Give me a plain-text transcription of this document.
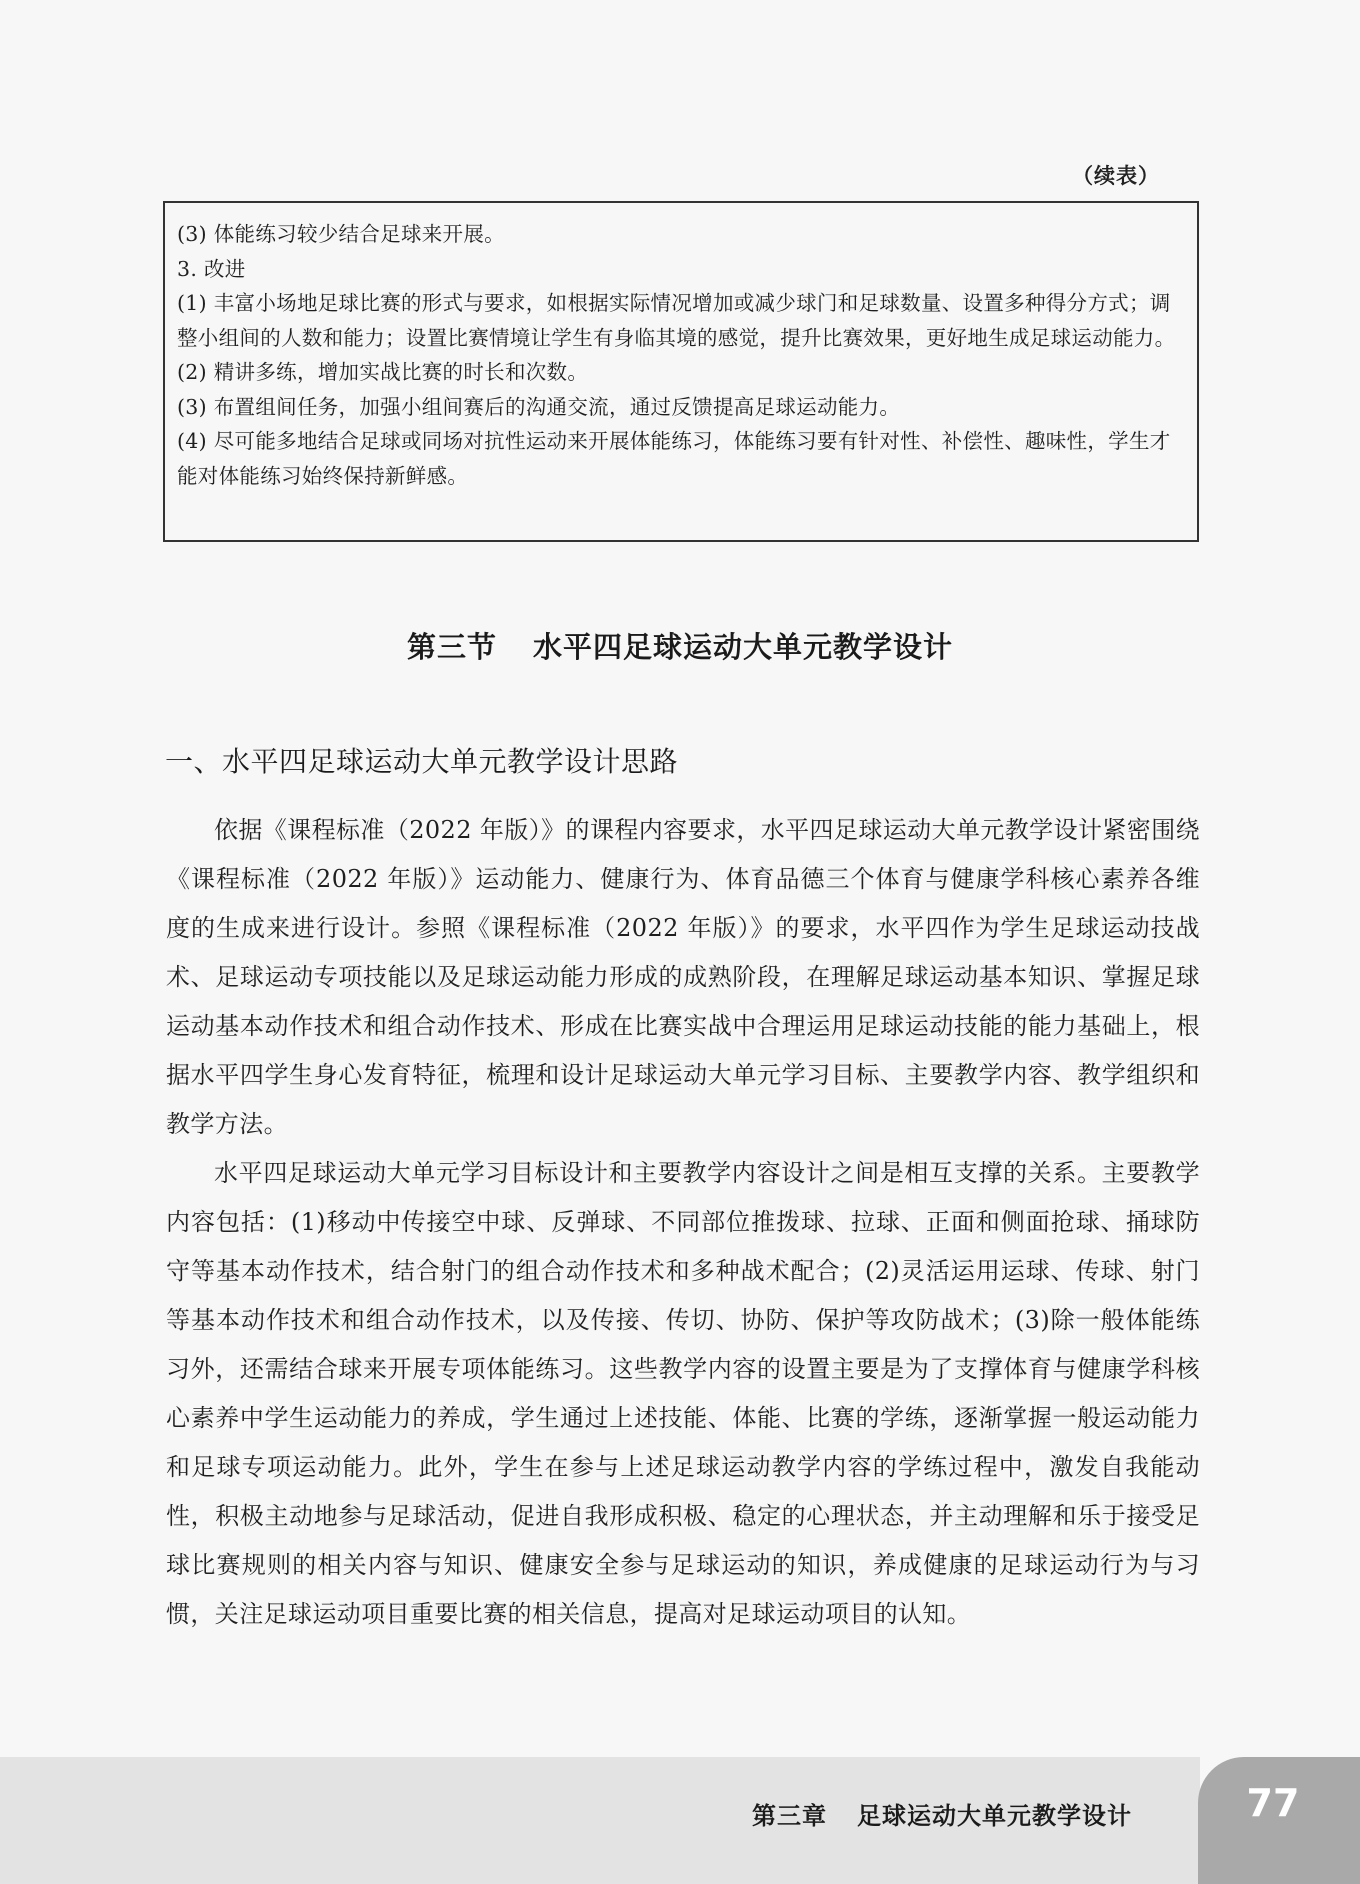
（续表）

(3) 体能练习较少结合足球来开展。

3. 改进

(1) 丰富小场地足球比赛的形式与要求，如根据实际情况增加或减少球门和足球数量、设置多种得分方式；调整小组间的人数和能力；设置比赛情境让学生有身临其境的感觉，提升比赛效果，更好地生成足球运动能力。

(2) 精讲多练，增加实战比赛的时长和次数。

(3) 布置组间任务，加强小组间赛后的沟通交流，通过反馈提高足球运动能力。

(4) 尽可能多地结合足球或同场对抗性运动来开展体能练习，体能练习要有针对性、补偿性、趣味性，学生才能对体能练习始终保持新鲜感。

第三节 水平四足球运动大单元教学设计
一、水平四足球运动大单元教学设计思路

依据《课程标准（2022 年版）》的课程内容要求，水平四足球运动大单元教学设计紧密围绕《课程标准（2022 年版）》运动能力、健康行为、体育品德三个体育与健康学科核心素养各维度的生成来进行设计。参照《课程标准（2022 年版）》的要求，水平四作为学生足球运动技战术、足球运动专项技能以及足球运动能力形成的成熟阶段，在理解足球运动基本知识、掌握足球运动基本动作技术和组合动作技术、形成在比赛实战中合理运用足球运动技能的能力基础上，根据水平四学生身心发育特征，梳理和设计足球运动大单元学习目标、主要教学内容、教学组织和教学方法。

水平四足球运动大单元学习目标设计和主要教学内容设计之间是相互支撑的关系。主要教学内容包括：(1)移动中传接空中球、反弹球、不同部位推拨球、拉球、正面和侧面抢球、捅球防守等基本动作技术，结合射门的组合动作技术和多种战术配合；(2)灵活运用运球、传球、射门等基本动作技术和组合动作技术，以及传接、传切、协防、保护等攻防战术；(3)除一般体能练习外，还需结合球来开展专项体能练习。这些教学内容的设置主要是为了支撑体育与健康学科核心素养中学生运动能力的养成，学生通过上述技能、体能、比赛的学练，逐渐掌握一般运动能力和足球专项运动能力。此外，学生在参与上述足球运动教学内容的学练过程中，激发自我能动性，积极主动地参与足球活动，促进自我形成积极、稳定的心理状态，并主动理解和乐于接受足球比赛规则的相关内容与知识、健康安全参与足球运动的知识，养成健康的足球运动行为与习惯，关注足球运动项目重要比赛的相关信息，提高对足球运动项目的认知。

第三章 足球运动大单元教学设计	77
